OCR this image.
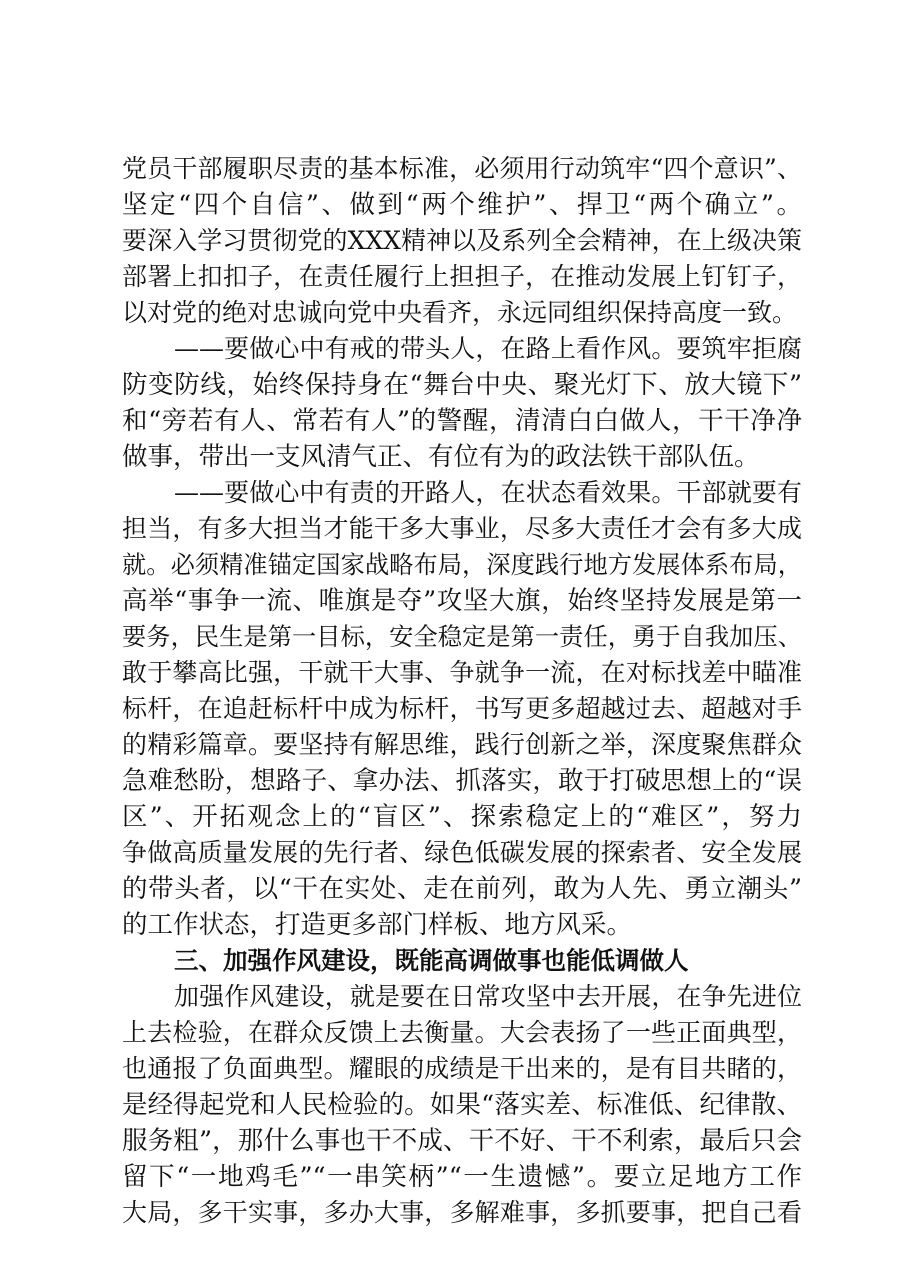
党员干部履职尽责的基本标准，必须用行动筑牢“四个意识”、
坚定“四个自信”、做到“两个维护”、捍卫“两个确立”。
要深入学习贯彻党的XXX精神以及系列全会精神，在上级决策
部署上扣扣子，在责任履行上担担子，在推动发展上钉钉子，
以对党的绝对忠诚向党中央看齐，永远同组织保持高度一致。
——要做心中有戒的带头人，在路上看作风。要筑牢拒腐
防变防线，始终保持身在“舞台中央、聚光灯下、放大镜下”
和“旁若有人、常若有人”的警醒，清清白白做人，干干净净
做事，带出一支风清气正、有位有为的政法铁干部队伍。
——要做心中有责的开路人，在状态看效果。干部就要有
担当，有多大担当才能干多大事业，尽多大责任才会有多大成
就。必须精准锚定国家战略布局，深度践行地方发展体系布局，
高举“事争一流、唯旗是夺”攻坚大旗，始终坚持发展是第一
要务，民生是第一目标，安全稳定是第一责任，勇于自我加压、
敢于攀高比强，干就干大事、争就争一流，在对标找差中瞄准
标杆，在追赶标杆中成为标杆，书写更多超越过去、超越对手
的精彩篇章。要坚持有解思维，践行创新之举，深度聚焦群众
急难愁盼，想路子、拿办法、抓落实，敢于打破思想上的“误
区”、开拓观念上的“盲区”、探索稳定上的“难区”，努力
争做高质量发展的先行者、绿色低碳发展的探索者、安全发展
的带头者，以“干在实处、走在前列，敢为人先、勇立潮头”
的工作状态，打造更多部门样板、地方风采。
三、加强作风建设，既能高调做事也能低调做人
加强作风建设，就是要在日常攻坚中去开展，在争先进位
上去检验，在群众反馈上去衡量。大会表扬了一些正面典型，
也通报了负面典型。耀眼的成绩是干出来的，是有目共睹的，
是经得起党和人民检验的。如果“落实差、标准低、纪律散、
服务粗”，那什么事也干不成、干不好、干不利索，最后只会
留下“一地鸡毛”“一串笑柄”“一生遗憾”。要立足地方工作
大局，多干实事，多办大事，多解难事，多抓要事，把自己看
